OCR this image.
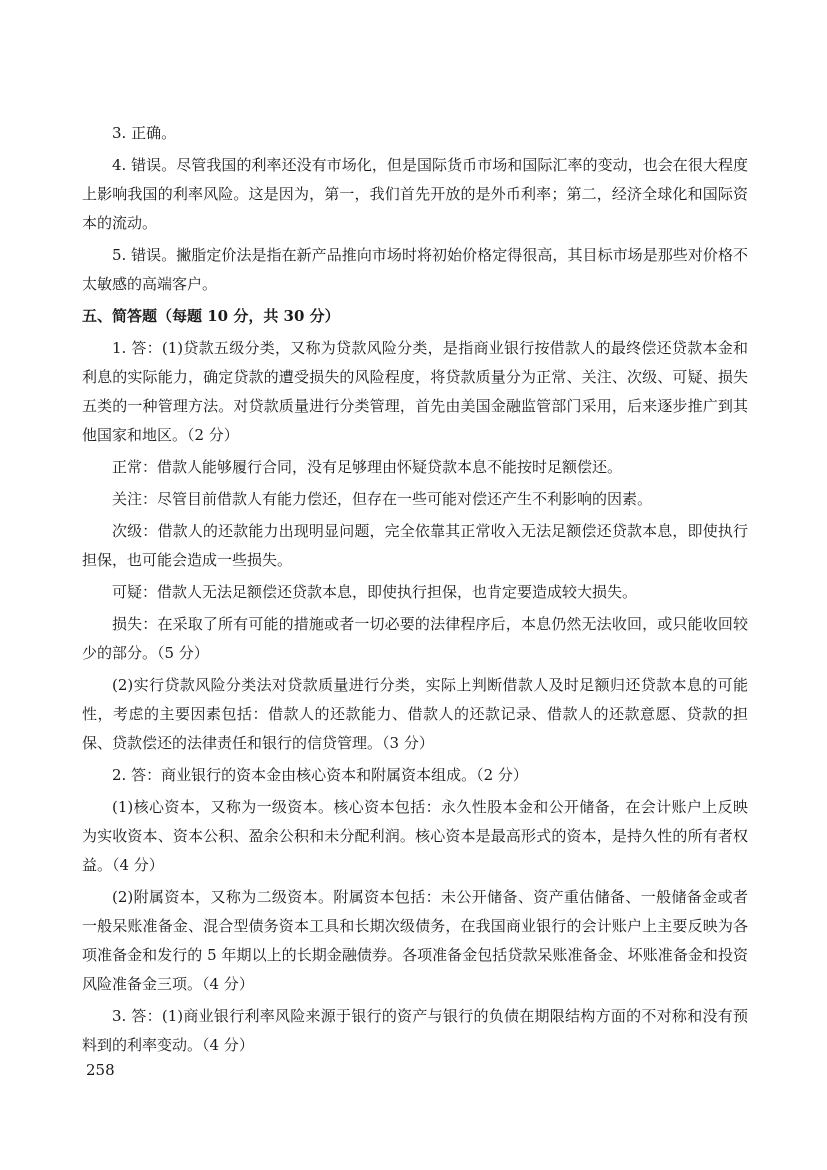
3. 正确。

4. 错误。尽管我国的利率还没有市场化，但是国际货币市场和国际汇率的变动，也会在很大程度上影响我国的利率风险。这是因为，第一，我们首先开放的是外币利率；第二，经济全球化和国际资本的流动。

5. 错误。撇脂定价法是指在新产品推向市场时将初始价格定得很高，其目标市场是那些对价格不太敏感的高端客户。

五、简答题（每题 10 分，共 30 分）

1. 答：(1)贷款五级分类，又称为贷款风险分类，是指商业银行按借款人的最终偿还贷款本金和利息的实际能力，确定贷款的遭受损失的风险程度，将贷款质量分为正常、关注、次级、可疑、损失五类的一种管理方法。对贷款质量进行分类管理，首先由美国金融监管部门采用，后来逐步推广到其他国家和地区。（2 分）

正常：借款人能够履行合同，没有足够理由怀疑贷款本息不能按时足额偿还。

关注：尽管目前借款人有能力偿还，但存在一些可能对偿还产生不利影响的因素。

次级：借款人的还款能力出现明显问题，完全依靠其正常收入无法足额偿还贷款本息，即使执行担保，也可能会造成一些损失。

可疑：借款人无法足额偿还贷款本息，即使执行担保，也肯定要造成较大损失。

损失：在采取了所有可能的措施或者一切必要的法律程序后，本息仍然无法收回，或只能收回较少的部分。（5 分）

(2)实行贷款风险分类法对贷款质量进行分类，实际上判断借款人及时足额归还贷款本息的可能性，考虑的主要因素包括：借款人的还款能力、借款人的还款记录、借款人的还款意愿、贷款的担保、贷款偿还的法律责任和银行的信贷管理。（3 分）

2. 答：商业银行的资本金由核心资本和附属资本组成。（2 分）

(1)核心资本，又称为一级资本。核心资本包括：永久性股本金和公开储备，在会计账户上反映为实收资本、资本公积、盈余公积和未分配利润。核心资本是最高形式的资本，是持久性的所有者权益。（4 分）

(2)附属资本，又称为二级资本。附属资本包括：未公开储备、资产重估储备、一般储备金或者一般呆账准备金、混合型债务资本工具和长期次级债务，在我国商业银行的会计账户上主要反映为各项准备金和发行的 5 年期以上的长期金融债券。各项准备金包括贷款呆账准备金、坏账准备金和投资风险准备金三项。（4 分）

3. 答：(1)商业银行利率风险来源于银行的资产与银行的负债在期限结构方面的不对称和没有预料到的利率变动。（4 分）

258
